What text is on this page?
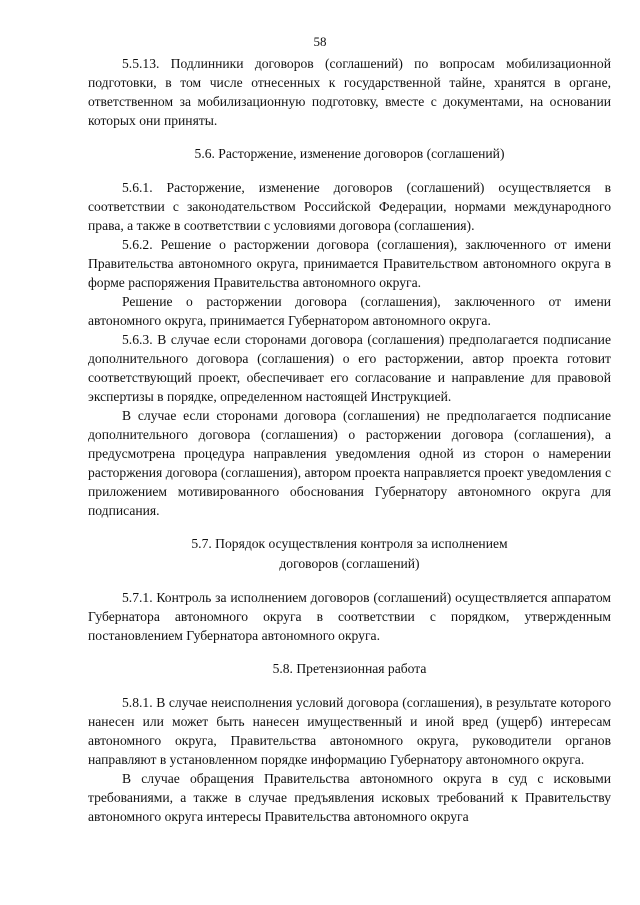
58

5.5.13. Подлинники договоров (соглашений) по вопросам мобилизационной подготовки, в том числе отнесенных к государственной тайне, хранятся в органе, ответственном за мобилизационную подготовку, вместе с документами, на основании которых они приняты.

5.6. Расторжение, изменение договоров (соглашений)

5.6.1. Расторжение, изменение договоров (соглашений) осуществляется в соответствии с законодательством Российской Федерации, нормами международного права, а также в соответствии с условиями договора (соглашения).

5.6.2. Решение о расторжении договора (соглашения), заключенного от имени Правительства автономного округа, принимается Правительством автономного округа в форме распоряжения Правительства автономного округа.

Решение о расторжении договора (соглашения), заключенного от имени автономного округа, принимается Губернатором автономного округа.

5.6.3. В случае если сторонами договора (соглашения) предполагается подписание дополнительного договора (соглашения) о его расторжении, автор проекта готовит соответствующий проект, обеспечивает его согласование и направление для правовой экспертизы в порядке, определенном настоящей Инструкцией.

В случае если сторонами договора (соглашения) не предполагается подписание дополнительного договора (соглашения) о расторжении договора (соглашения), а предусмотрена процедура направления уведомления одной из сторон о намерении расторжения договора (соглашения), автором проекта направляется проект уведомления с приложением мотивированного обоснования Губернатору автономного округа для подписания.

5.7. Порядок осуществления контроля за исполнением
договоров (соглашений)

5.7.1. Контроль за исполнением договоров (соглашений) осуществляется аппаратом Губернатора автономного округа в соответствии с порядком, утвержденным постановлением Губернатора автономного округа.

5.8. Претензионная работа

5.8.1. В случае неисполнения условий договора (соглашения), в результате которого нанесен или может быть нанесен имущественный и иной вред (ущерб) интересам автономного округа, Правительства автономного округа, руководители органов направляют в установленном порядке информацию Губернатору автономного округа.

В случае обращения Правительства автономного округа в суд с исковыми требованиями, а также в случае предъявления исковых требований к Правительству автономного округа интересы Правительства автономного округа
